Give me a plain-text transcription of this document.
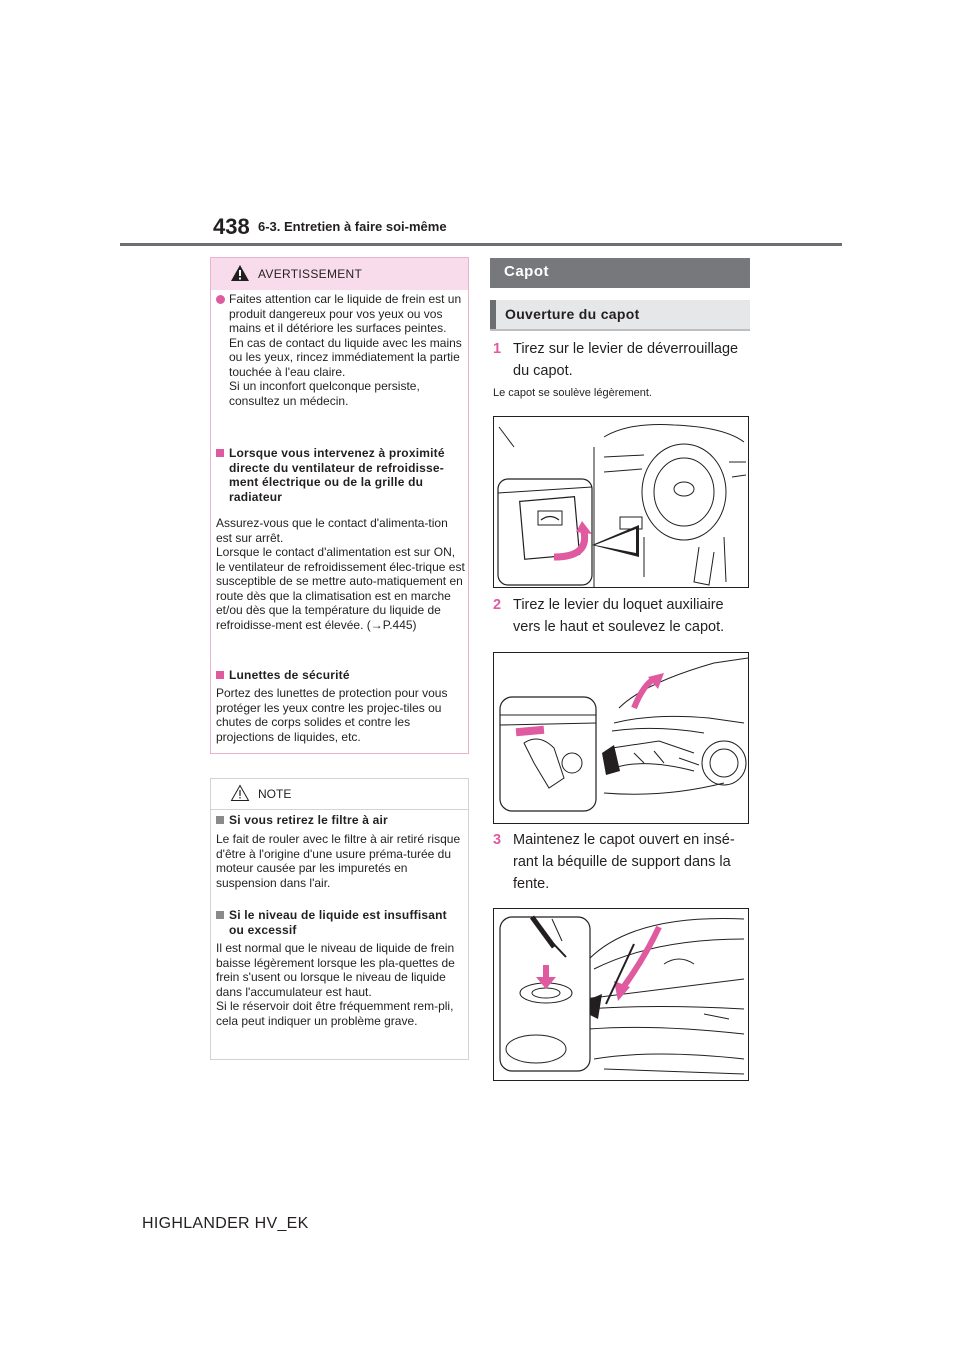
438 6-3. Entretien à faire soi-même
AVERTISSEMENT
Faites attention car le liquide de frein est un produit dangereux pour vos yeux ou vos mains et il détériore les surfaces peintes. En cas de contact du liquide avec les mains ou les yeux, rincez immédiatement la partie touchée à l'eau claire.
Si un inconfort quelconque persiste, consultez un médecin.
Lorsque vous intervenez à proximité directe du ventilateur de refroidisse-ment électrique ou de la grille du radiateur
Assurez-vous que le contact d'alimenta-tion est sur arrêt.
Lorsque le contact d'alimentation est sur ON, le ventilateur de refroidissement élec-trique est susceptible de se mettre auto-matiquement en route dès que la climatisation est en marche et/ou dès que la température du liquide de refroidisse-ment est élevée. (→P.445)
Lunettes de sécurité
Portez des lunettes de protection pour vous protéger les yeux contre les projec-tiles ou chutes de corps solides et contre les projections de liquides, etc.
NOTE
Si vous retirez le filtre à air
Le fait de rouler avec le filtre à air retiré risque d'être à l'origine d'une usure préma-turée du moteur causée par les impuretés en suspension dans l'air.
Si le niveau de liquide est insuffisant ou excessif
Il est normal que le niveau de liquide de frein baisse légèrement lorsque les pla-quettes de frein s'usent ou lorsque le niveau de liquide dans l'accumulateur est haut.
Si le réservoir doit être fréquemment rem-pli, cela peut indiquer un problème grave.
Capot
Ouverture du capot
1 Tirez sur le levier de déverrouillage du capot.
Le capot se soulève légèrement.
2 Tirez le levier du loquet auxiliaire vers le haut et soulevez le capot.
3 Maintenez le capot ouvert en insé-rant la béquille de support dans la fente.
HIGHLANDER HV_EK
